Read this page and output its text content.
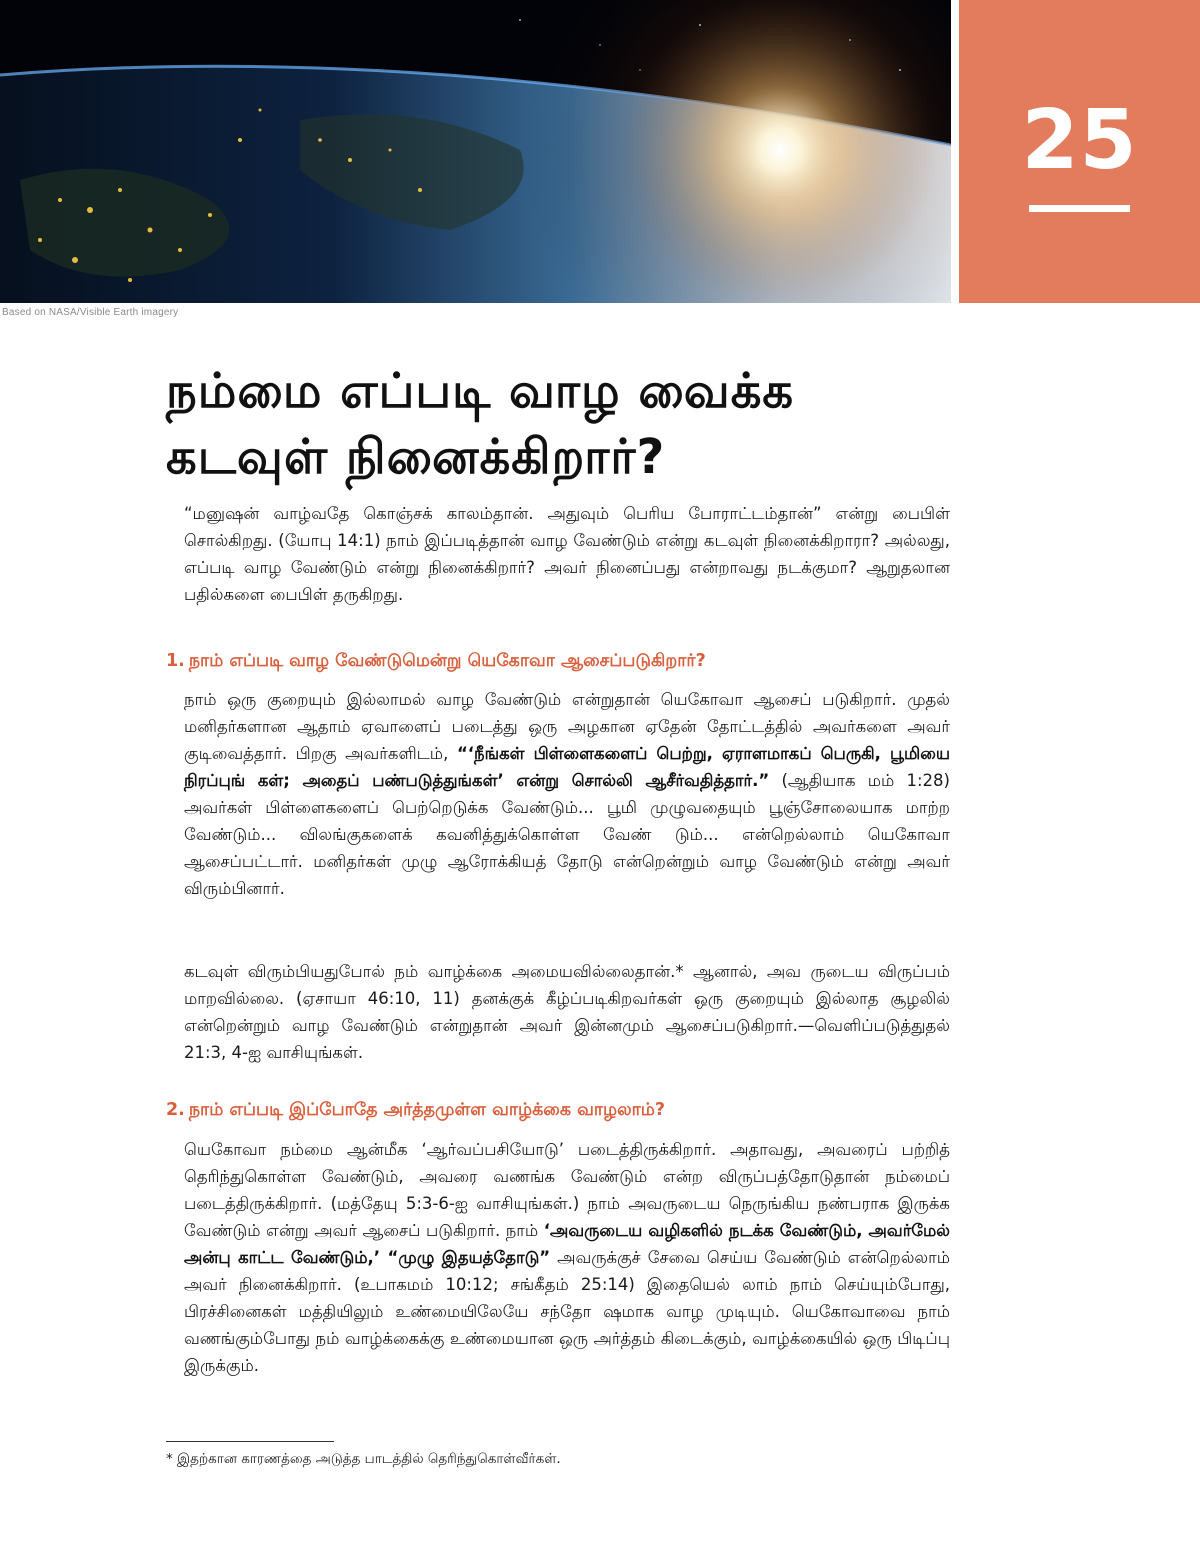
Based on NASA/Visible Earth imagery
25
நம்மை எப்படி வாழ வைக்க
கடவுள் நினைக்கிறார்?

“மனுஷன் வாழ்வதே கொஞ்சக் காலம்தான். அதுவும் பெரிய போராட்டம்தான்” என்று பைபிள் சொல்கிறது. (யோபு 14:1) நாம் இப்படித்தான் வாழ வேண்டும் என்று கடவுள் நினைக்கிறாரா? அல்லது, எப்படி வாழ வேண்டும் என்று நினைக்கிறார்? அவர் நினைப்பது என்றாவது நடக்குமா? ஆறுதலான பதில்களை பைபிள் தருகிறது.

1. நாம் எப்படி வாழ வேண்டுமென்று யெகோவா ஆசைப்படுகிறார்?

நாம் ஒரு குறையும் இல்லாமல் வாழ வேண்டும் என்றுதான் யெகோவா ஆசைப் படுகிறார். முதல் மனிதர்களான ஆதாம் ஏவாளைப் படைத்து ஒரு அழகான ஏதேன் தோட்டத்தில் அவர்களை அவர் குடிவைத்தார். பிறகு அவர்களிடம், “‘நீங்கள் பிள்ளைகளைப் பெற்று, ஏராளமாகப் பெருகி, பூமியை நிரப்புங் கள்; அதைப் பண்படுத்துங்கள்’ என்று சொல்லி ஆசீர்வதித்தார்.” (ஆதியாக மம் 1:28) அவர்கள் பிள்ளைகளைப் பெற்றெடுக்க வேண்டும்... பூமி முழுவதையும் பூஞ்சோலையாக மாற்ற வேண்டும்... விலங்குகளைக் கவனித்துக்கொள்ள வேண் டும்... என்றெல்லாம் யெகோவா ஆசைப்பட்டார். மனிதர்கள் முழு ஆரோக்கியத் தோடு என்றென்றும் வாழ வேண்டும் என்று அவர் விரும்பினார்.

கடவுள் விரும்பியதுபோல் நம் வாழ்க்கை அமையவில்லைதான்.* ஆனால், அவ ருடைய விருப்பம் மாறவில்லை. (ஏசாயா 46:10, 11) தனக்குக் கீழ்ப்படிகிறவர்கள் ஒரு குறையும் இல்லாத சூழலில் என்றென்றும் வாழ வேண்டும் என்றுதான் அவர் இன்னமும் ஆசைப்படுகிறார்.—வெளிப்படுத்துதல் 21:3, 4-ஐ வாசியுங்கள்.

2. நாம் எப்படி இப்போதே அர்த்தமுள்ள வாழ்க்கை வாழலாம்?

யெகோவா நம்மை ஆன்மீக ‘ஆர்வப்பசியோடு’ படைத்திருக்கிறார். அதாவது, அவரைப் பற்றித் தெரிந்துகொள்ள வேண்டும், அவரை வணங்க வேண்டும் என்ற விருப்பத்தோடுதான் நம்மைப் படைத்திருக்கிறார். (மத்தேயு 5:3-6-ஐ வாசியுங்கள்.) நாம் அவருடைய நெருங்கிய நண்பராக இருக்க வேண்டும் என்று அவர் ஆசைப் படுகிறார். நாம் ‘அவருடைய வழிகளில் நடக்க வேண்டும், அவர்மேல் அன்பு காட்ட வேண்டும்,’ “முழு இதயத்தோடு” அவருக்குச் சேவை செய்ய வேண்டும் என்றெல்லாம் அவர் நினைக்கிறார். (உபாகமம் 10:12; சங்கீதம் 25:14) இதையெல் லாம் நாம் செய்யும்போது, பிரச்சினைகள் மத்தியிலும் உண்மையிலேயே சந்தோ ஷமாக வாழ முடியும். யெகோவாவை நாம் வணங்கும்போது நம் வாழ்க்கைக்கு உண்மையான ஒரு அர்த்தம் கிடைக்கும், வாழ்க்கையில் ஒரு பிடிப்பு இருக்கும்.

* இதற்கான காரணத்தை அடுத்த பாடத்தில் தெரிந்துகொள்வீர்கள்.
